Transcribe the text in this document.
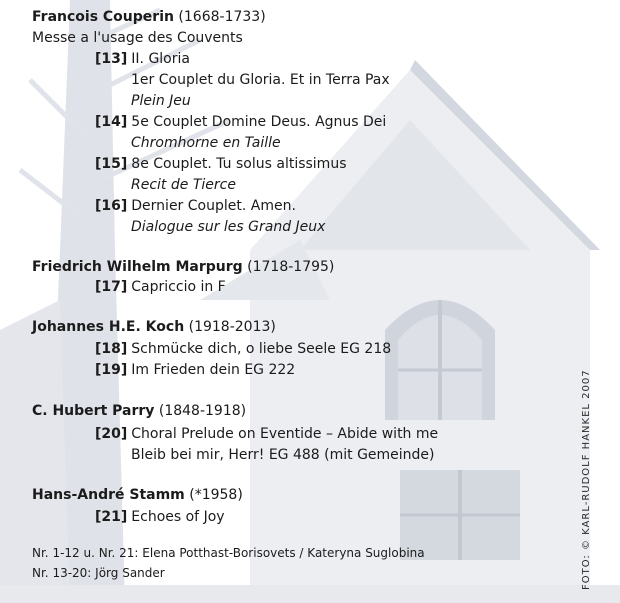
Francois Couperin (1668-1733)
Messe a l'usage des Couvents
[13] II. Gloria
1er Couplet du Gloria. Et in Terra Pax
Plein Jeu
[14] 5e Couplet Domine Deus. Agnus Dei
Chromhorne en Taille
[15] 8e Couplet. Tu solus altissimus
Recit de Tierce
[16] Dernier Couplet. Amen.
Dialogue sur les Grand Jeux
Friedrich Wilhelm Marpurg (1718-1795)
[17] Capriccio in F
Johannes H.E. Koch (1918-2013)
[18] Schmücke dich, o liebe Seele EG 218
[19] Im Frieden dein EG 222
C. Hubert Parry (1848-1918)
[20] Choral Prelude on Eventide – Abide with me
Bleib bei mir, Herr! EG 488 (mit Gemeinde)
Hans-André Stamm (*1958)
[21] Echoes of Joy
Nr. 1-12 u. Nr. 21: Elena Potthast-Borisovets / Kateryna Suglobina
Nr. 13-20: Jörg Sander	FOTO: © KARL-RUDOLF HANKEL 2007
